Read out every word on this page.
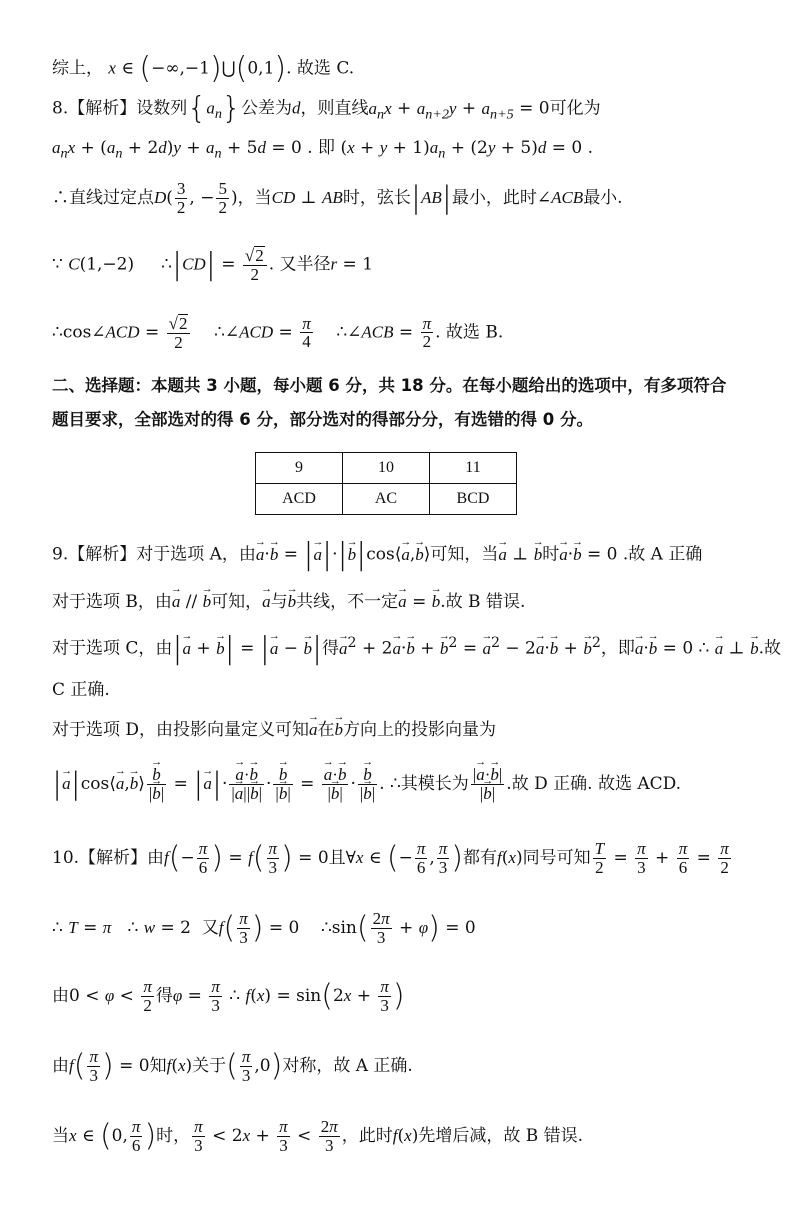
综上， x ∈ (−∞,−1)⋃(0,1). 故选 C.
8.【解析】设数列$\{a_n\}$公差为d，则直线$a_nx + a_{n+2}y + a_{n+5} = 0$可化为
$a_nx + (a_n + 2d)y + a_n + 5d = 0$ . 即 $(x + y + 1)a_n + (2y + 5)d = 0$ .
∴直线过定点$D( \frac{3}{2}$ , − $\frac{5}{2}$ )，当CD ⊥ AB时，弦长|AB|最小，此时∠ACB最小.
∵ C(1,−2)     ∴|CD| = $\frac{√2}{2}$ . 又半径r = 1
∴cos∠ACD = $\frac{√2}{2}$ ∴∠ACD = $\frac{\pi}{4}$ ∴∠ACB = $\frac{\pi}{2}$ . 故选 B.
二、选择题：本题共 3 小题，每小题 6 分，共 18 分。在每小题给出的选项中，有多项符合
题目要求，全部选对的得 6 分，部分选对的得部分分，有选错的得 0 分。
9	10	11
ACD	AC	BCD
9.【解析】对于选项 A，由→ a·→ b = |→ a|·|→ b|cos⟨→ a,→ b⟩可知，当→ a ⊥ → b时→ a·→ b = 0 .故 A 正确
对于选项 B，由→ a // → b可知，→ a与→ b共线，不一定→ a = → b.故 B 错误.
对于选项 C，由|→ a + → b| = |→ a − → b|得→ $a^2 + 2\to a\cdot\to b$ + → $b^2$ = → $a^2 - 2\to a\cdot\to b$ + → $b^2$，即→ a·→ b = 0 ∴ → a ⊥ → b.故
C 正确.
对于选项 D，由投影向量定义可知→ a在→ b方向上的投影向量为
|→ a|cos⟨→ a,→ b⟩ → $\frac{b}{|\to b|}$ = |→ $a|\cdot \to \frac{a\cdot\to b}{|\to a||\to b|}$ · → $\frac{b}{|\to b|}$ = → $\frac{a\cdot\to b}{|\to b|}$ · → $\frac{b}{|\to b|}$ . ∴其模长为 $\frac{|\to a\cdot\to b|}{|\to b|}$ .故 D 正确. 故选 ACD.
10.【解析】由$f(- \frac{\pi}{6}$ ) = $f( \frac{\pi}{3}$ ) = 0且∀x ∈ (− $\frac{\pi}{6}$ , $\frac{\pi}{3}$ )都有f(x)同号可知 $\frac{T}{2} = \frac{\pi}{3} + \frac{\pi}{6} = \frac{\pi}{2}$
∴ T = π   ∴ w = 2  又$f( \frac{\pi}{3}$ ) = 0    ∴sin( $\frac{2\pi}{3} + \varphi) = 0$
由$0 < \varphi < \frac{\pi}{2}$ 得$\varphi = \frac{\pi}{3}$ ∴ $f(x) = \sin(2x + \frac{\pi}{3}$ )
由$f( \frac{\pi}{3}$ ) = 0知f(x)关于( $\frac{\pi}{3} ,0$)对称，故 A 正确.
当x ∈ (0, $\frac{\pi}{6}$ )时， $\frac{\pi}{3} < 2x + \frac{\pi}{3} < \frac{2\pi}{3}$ ，此时f(x)先增后减，故 B 错误.
